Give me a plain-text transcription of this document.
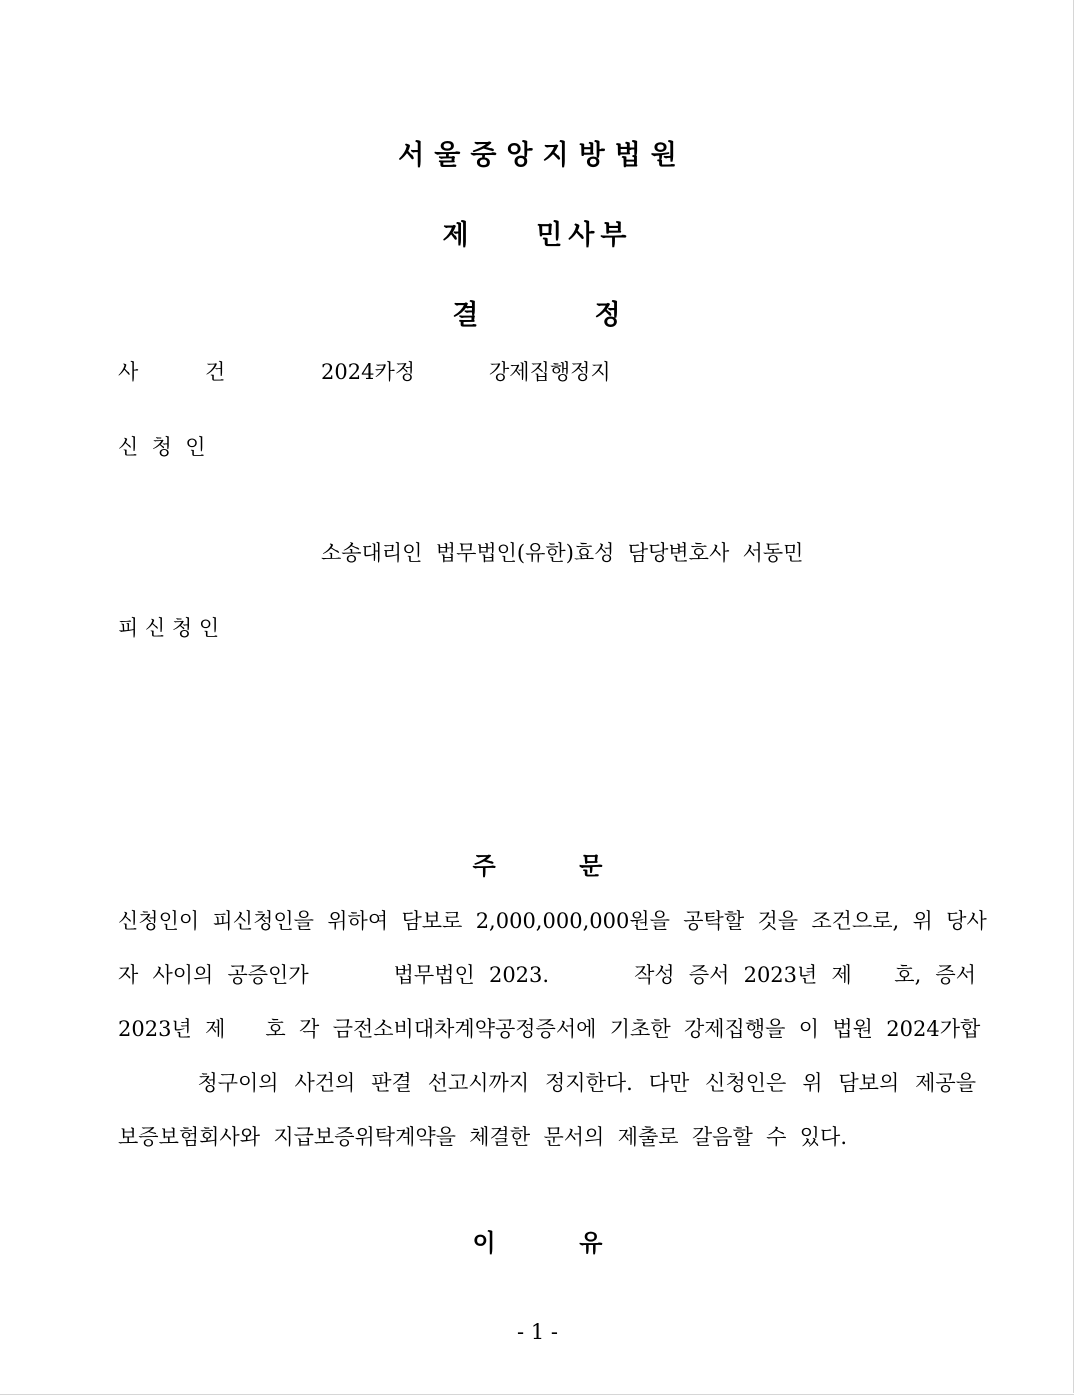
서울중앙지방법원
제    민사부
결          정
사          건	2024카정	강제집행정지
신  청  인
소송대리인  법무법인(유한)효성  담당변호사  서동민
피 신 청 인
주          문
신청인이  피신청인을  위하여  담보로  2,000,000,000원을  공탁할  것을  조건으로,  위  당사
자  사이의  공증인가            법무법인  2023.            작성  증서  2023년  제      호,  증서
2023년  제      호  각  금전소비대차계약공정증서에  기초한  강제집행을  이  법원  2024가합
청구이의  사건의  판결  선고시까지  정지한다.  다만  신청인은  위  담보의  제공을
보증보험회사와  지급보증위탁계약을  체결한  문서의  제출로  갈음할  수  있다.
이          유
- 1 -
